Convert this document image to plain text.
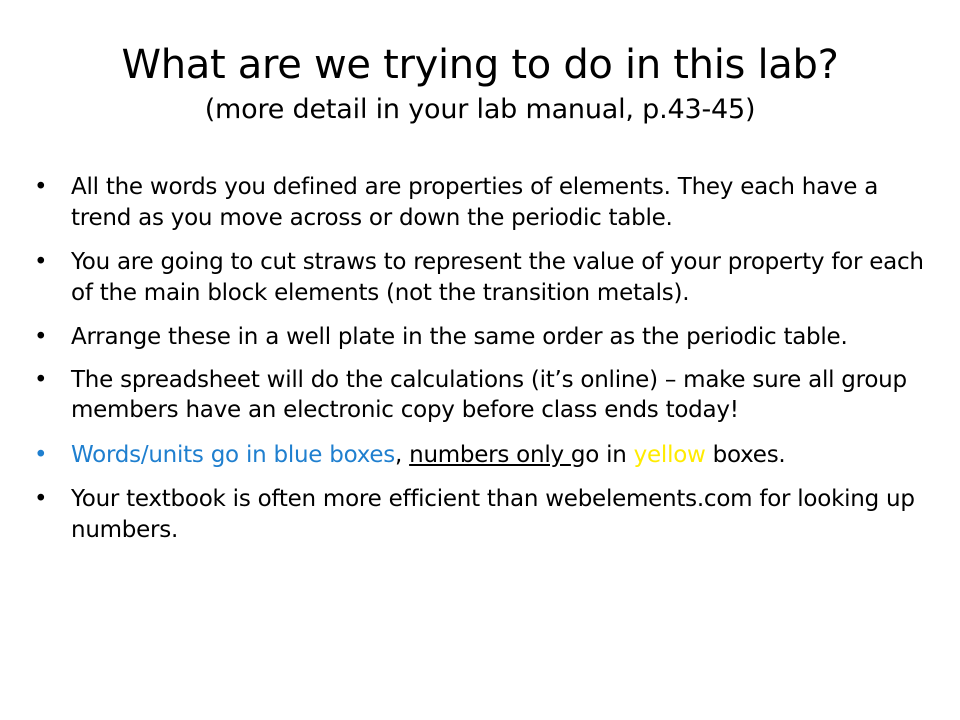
What are we trying to do in this lab?
(more detail in your lab manual, p.43-45)
• All the words you defined are properties of elements. They each have a trend as you move across or down the periodic table.
• You are going to cut straws to represent the value of your property for each of the main block elements (not the transition metals).
• Arrange these in a well plate in the same order as the periodic table.
• The spreadsheet will do the calculations (it’s online) – make sure all group members have an electronic copy before class ends today!
• Words/units go in blue boxes, numbers only go in yellow boxes.
• Your textbook is often more efficient than webelements.com for looking up numbers.
